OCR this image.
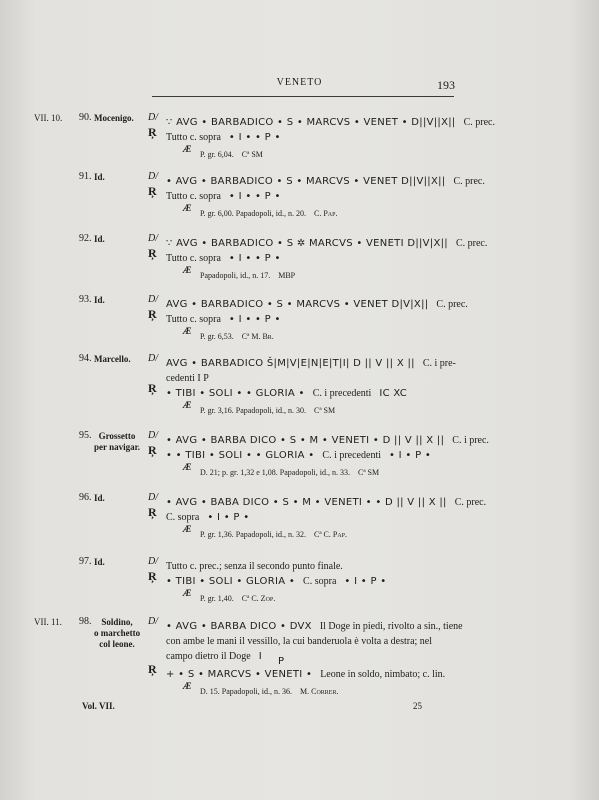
VENETO	193
VII. 10. 90. Mocenigo. D/ ∵ AVG • BARBADICO • S • MARCVS • VENET • D||V||X|| C. prec.
Ŗ Tutto c. sopra • I • • P •
Æ
P. gr. 6,04. Cª SM
91. Id.	D/ • AVG • BARBADICO • S • MARCVS • VENET D||V||X|| C. prec.
Ŗ Tutto c. sopra • I • • P •
Æ
P. gr. 6,00. Papadopoli, id., n. 20. C. Pap.
92. Id.	D/ ∵ AVG • BARBADICO • S ✲ MARCVS • VENETI D||V|X|| C. prec.
Ŗ Tutto c. sopra • I • • P •
Æ
Papadopoli, id., n. 17. MBP
93. Id.	D/ AVG • BARBADICO • S • MARCVS • VENET D|V|X|| C. prec.
Ŗ Tutto c. sopra • I • • P •
Æ
P. gr. 6,53. Cª M. Br.
94. Marcello. D/ AVG • BARBADICO Š|M|V|E|N|E|T|I| D || V || X || C. i pre-
cedenti I P
Ŗ • TIBI • SOLI • • GLORIA • C. i precedenti IC XC
Æ
P. gr. 3,16. Papadopoli, id., n. 30. Cª SM
95. Grossetto
per navigar.
D/ • AVG • BARBA DICO • S • M • VENETI • D || V || X || C. i prec.
Ŗ • • TIBI • SOLI • • GLORIA • C. i precedenti • I • P •
Æ
D. 21; p. gr. 1,32 e 1,08. Papadopoli, id., n. 33. Cª SM
96. Id.	D/ • AVG • BABA DICO • S • M • VENETI • • D || V || X || C. prec.
Ŗ C. sopra • I • P •
Æ
P. gr. 1,36. Papadopoli, id., n. 32. Cª C. Pap.
97. Id.	D/ Tutto c. prec.; senza il secondo punto finale.
Ŗ • TIBI • SOLI • GLORIA • C. sopra • I • P •
Æ
P. gr. 1,40. Cª C. Zop.
VII. 11. 98.	Soldino,
o marchetto
col leone.
D/ • AVG • BARBA DICO • DVX Il Doge in piedi, rivolto a sin., tiene
con ambe le mani il vessillo, la cui banderuola è volta a destra; nel
campo dietro il Doge I	P
Ŗ + • S • MARCVS • VENETI • Leone in soldo, nimbato; c. lin.
Æ
D. 15. Papadopoli, id., n. 36. M. Correr.
Vol. VII.	25
